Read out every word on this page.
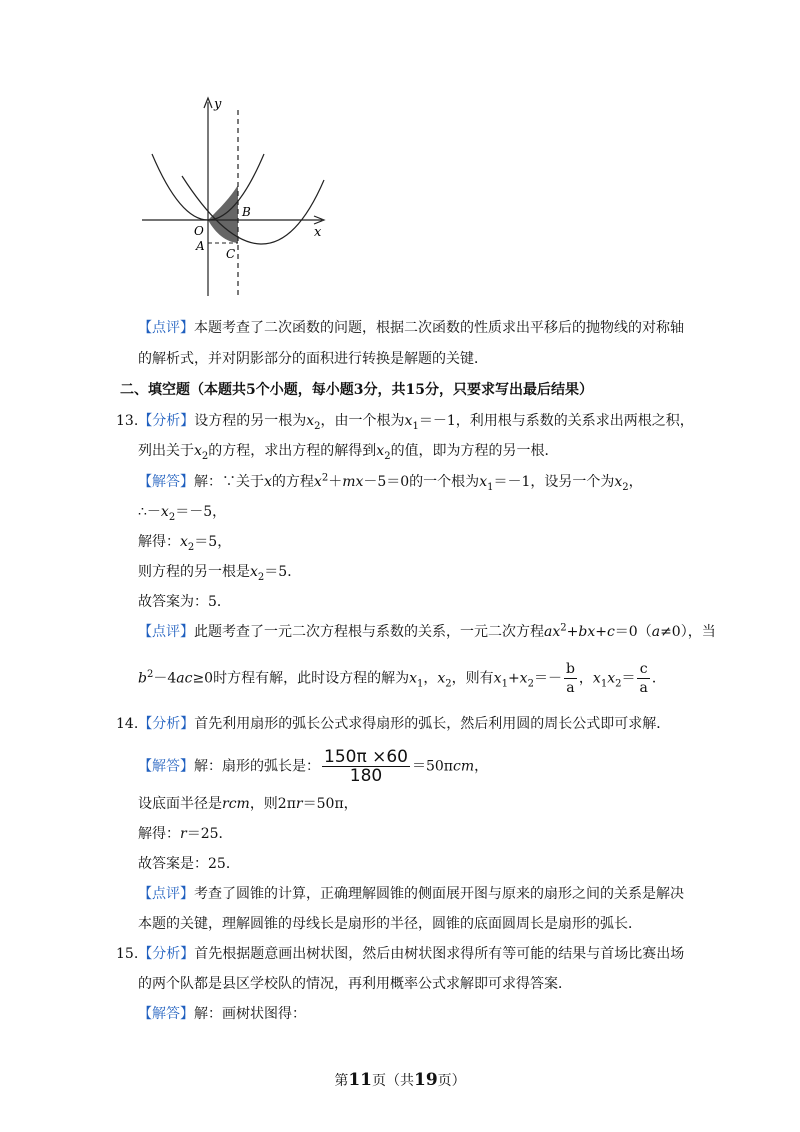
y
x
O
A
B
C
【点评】本题考查了二次函数的问题，根据二次函数的性质求出平移后的抛物线的对称轴
的解析式，并对阴影部分的面积进行转换是解题的关键．
二、填空题（本题共5个小题，每小题3分，共15分，只要求写出最后结果）
13.【分析】设方程的另一根为$x_2$，由一个根为$x_1=-1$，利用根与系数的关系求出两根之积，
列出关于$x_2$的方程，求出方程的解得到$x_2$的值，即为方程的另一根．
【解答】解：∵关于x的方程$x^2+mx-5=0$的一个根为$x_1=-1$，设另一个为$x_2$，
$\therefore-x_2=-5$，
解得：$x_2=5$，
则方程的另一根是$x_2=5$．
故答案为：5．
【点评】此题考查了一元二次方程根与系数的关系，一元二次方程$ax^2+bx+c=0(a\ne 0)$，当
$b^2-4ac\ge 0$时方程有解，此时设方程的解为$x_1$，$x_2$，则有$x_1+x_2=- \frac{b}{a}$ ，$x_1x_2= \frac{c}{a}$ ．
14.【分析】首先利用扇形的弧长公式求得扇形的弧长，然后利用圆的周长公式即可求解．
【解答】解：扇形的弧长是： $\frac{150\pi \times 60}{180} =50\pi cm$，
设底面半径是rcm，则2πr＝50π，
解得：r＝25．
故答案是：25．
【点评】考查了圆锥的计算，正确理解圆锥的侧面展开图与原来的扇形之间的关系是解决
本题的关键，理解圆锥的母线长是扇形的半径，圆锥的底面圆周长是扇形的弧长．
15.【分析】首先根据题意画出树状图，然后由树状图求得所有等可能的结果与首场比赛出场
的两个队都是县区学校队的情况，再利用概率公式求解即可求得答案．
【解答】解：画树状图得：
第11页（共19页）
